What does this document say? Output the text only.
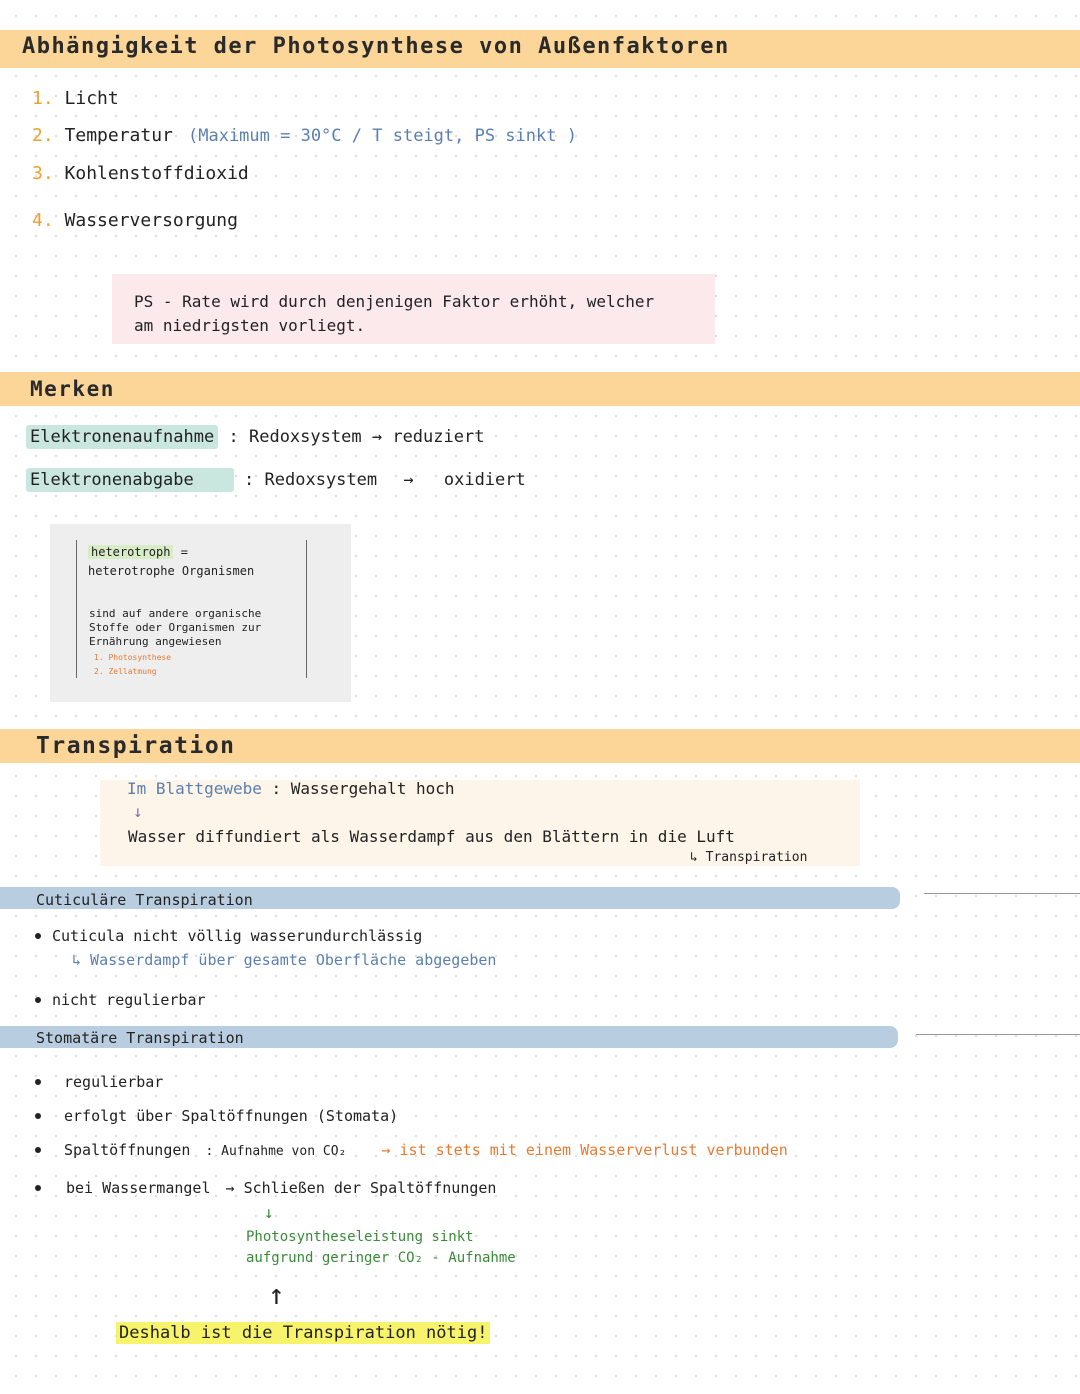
Abhängigkeit der Photosynthese von Außenfaktoren
1. Licht
2. Temperatur (Maximum = 30°C / T steigt, PS sinkt )
3. Kohlenstoffdioxid
4. Wasserversorgung
PS - Rate wird durch denjenigen Faktor erhöht, welcher
am niedrigsten vorliegt.
Merken
Elektronenaufnahme : Redoxsystem → reduziert
Elektronenabgabe	: Redoxsystem → oxidiert
heterotroph =
heterotrophe Organismen
sind auf andere organische
Stoffe oder Organismen zur
Ernährung angewiesen
1. Photosynthese
2. Zellatmung
Transpiration
Im Blattgewebe : Wassergehalt hoch
↓
Wasser diffundiert als Wasserdampf aus den Blättern in die Luft
↳ Transpiration
Cuticuläre Transpiration
Cuticula nicht völlig wasserundurchlässig
↳ Wasserdampf über gesamte Oberfläche abgegeben
nicht regulierbar
Stomatäre Transpiration
regulierbar
erfolgt über Spaltöffnungen (Stomata)
Spaltöffnungen : Aufnahme von CO₂ → ist stets mit einem Wasserverlust verbunden
bei Wassermangel → Schließen der Spaltöffnungen
↓
Photosyntheseleistung sinkt
aufgrund geringer CO₂ - Aufnahme
↑
Deshalb ist die Transpiration nötig!
